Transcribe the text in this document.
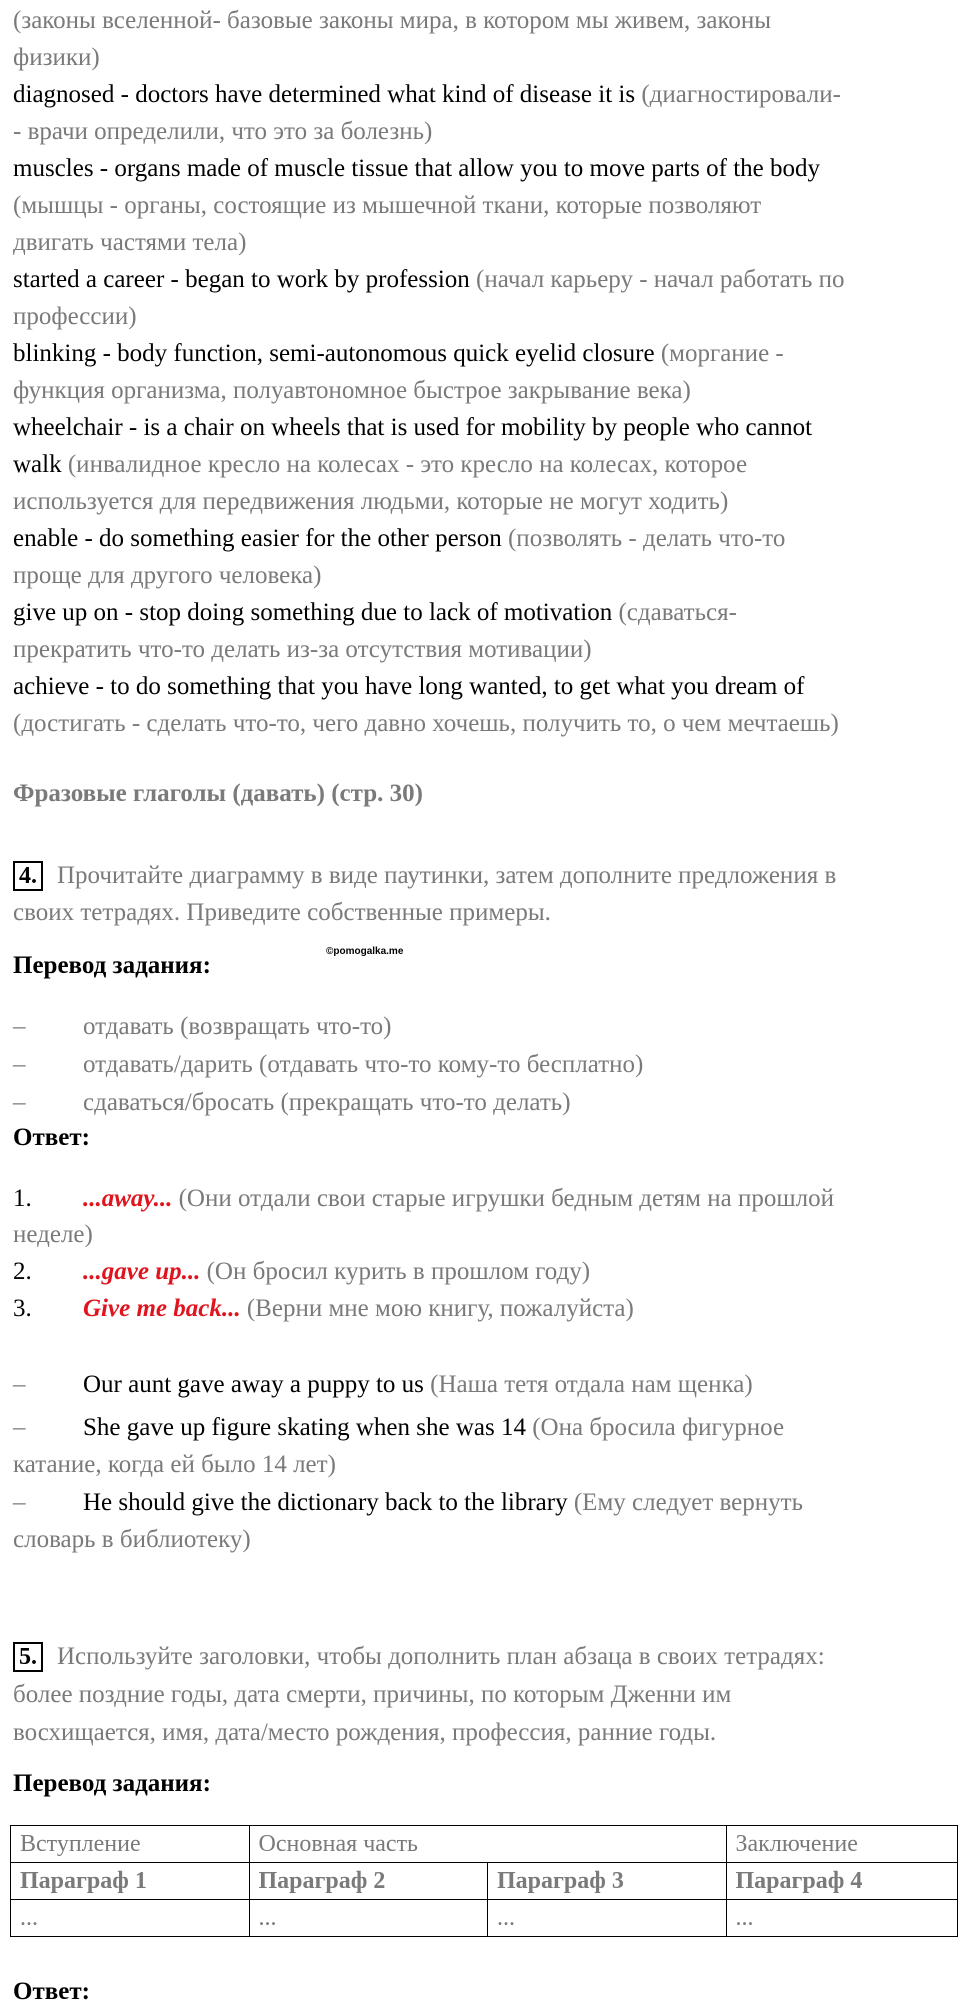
(законы вселенной- базовые законы мира, в котором мы живем, законы
физики)
diagnosed - doctors have determined what kind of disease it is (диагностировали-
- врачи определили, что это за болезнь)
muscles - organs made of muscle tissue that allow you to move parts of the body
(мышцы - органы, состоящие из мышечной ткани, которые позволяют
двигать частями тела)
started a career - began to work by profession (начал карьеру - начал работать по
профессии)
blinking - body function, semi-autonomous quick eyelid closure (моргание -
функция организма, полуавтономное быстрое закрывание века)
wheelchair - is a chair on wheels that is used for mobility by people who cannot
walk (инвалидное кресло на колесах - это кресло на колесах, которое
используется для передвижения людьми, которые не могут ходить)
enable - do something easier for the other person (позволять - делать что-то
проще для другого человека)
give up on - stop doing something due to lack of motivation (сдаваться-
прекратить что-то делать из-за отсутствия мотивации)
achieve - to do something that you have long wanted, to get what you dream of
(достигать - сделать что-то, чего давно хочешь, получить то, о чем мечтаешь)
Фразовые глаголы (давать) (стр. 30)
4. Прочитайте диаграмму в виде паутинки, затем дополните предложения в
своих тетрадях. Приведите собственные примеры.
©pomogalka.me
Перевод задания:
– отдавать (возвращать что-то)
– отдавать/дарить (отдавать что-то кому-то бесплатно)
– сдаваться/бросать (прекращать что-то делать)
Ответ:
1. ...away... (Они отдали свои старые игрушки бедным детям на прошлой
неделе)
2. ...gave up... (Он бросил курить в прошлом году)
3. Give me back... (Верни мне мою книгу, пожалуйста)
– Our aunt gave away a puppy to us (Наша тетя отдала нам щенка)
– She gave up figure skating when she was 14 (Она бросила фигурное
катание, когда ей было 14 лет)
– He should give the dictionary back to the library (Ему следует вернуть
словарь в библиотеку)
5. Используйте заголовки, чтобы дополнить план абзаца в своих тетрадях:
более поздние годы, дата смерти, причины, по которым Дженни им
восхищается, имя, дата/место рождения, профессия, ранние годы.
Перевод задания:
Вступление	Основная часть		Заключение
Параграф 1	Параграф 2	Параграф 3	Параграф 4
...	...	...	...
Ответ:
